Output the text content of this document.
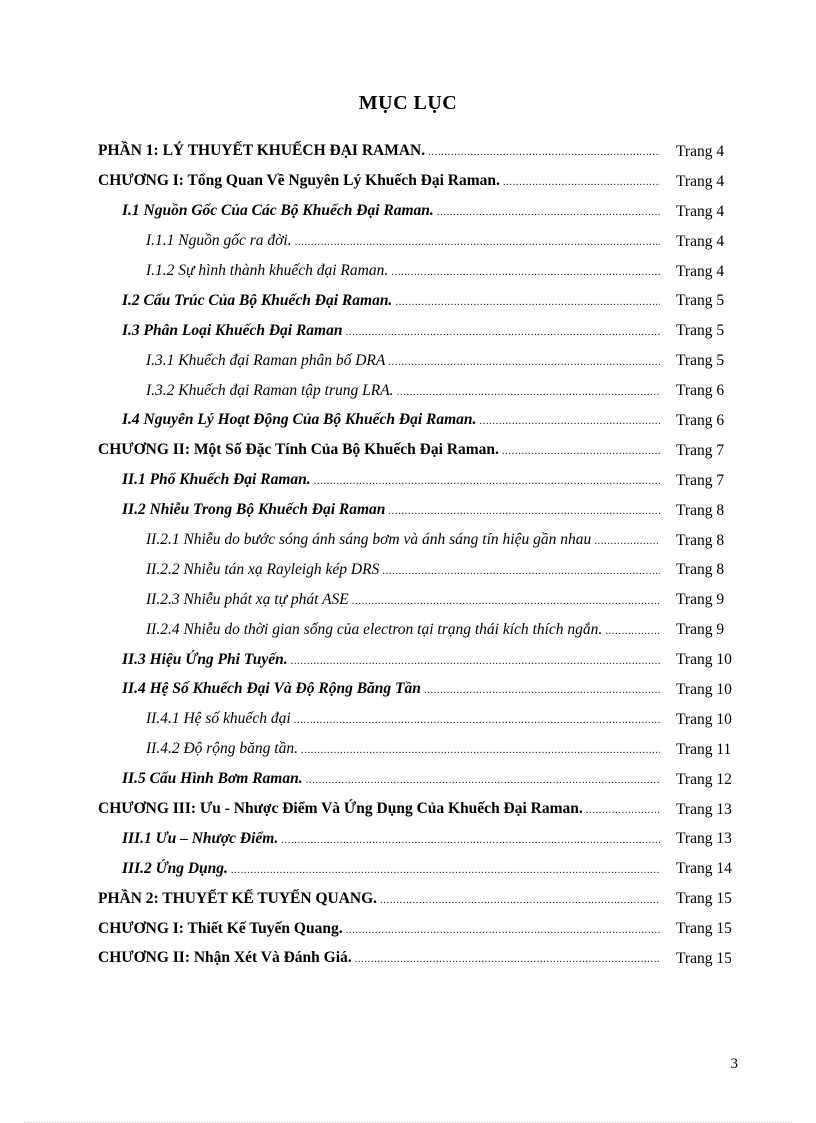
MỤC LỤC
PHẦN 1: LÝ THUYẾT KHUẾCH ĐẠI RAMAN. .....	Trang 4
CHƯƠNG I: Tổng Quan Về Nguyên Lý Khuếch Đại Raman. .....	Trang 4
I.1 Nguồn Gốc Của Các Bộ Khuếch Đại Raman. .....	Trang 4
I.1.1 Nguồn gốc ra đời. .....	Trang 4
I.1.2 Sự hình thành khuếch đại Raman. .....	Trang 4
I.2 Cấu Trúc Của Bộ Khuếch Đại Raman. .....	Trang 5
I.3 Phân Loại Khuếch Đại Raman .....	Trang 5
I.3.1 Khuếch đại Raman phân bố DRA .....	Trang 5
I.3.2 Khuếch đại Raman tập trung LRA. .....	Trang 6
I.4 Nguyên Lý Hoạt Động Của Bộ Khuếch Đại Raman. .....	Trang 6
CHƯƠNG II: Một Số Đặc Tính Của Bộ Khuếch Đại Raman. .....	Trang 7
II.1 Phổ Khuếch Đại Raman. .....	Trang 7
II.2 Nhiễu Trong Bộ Khuếch Đại Raman .....	Trang 8
II.2.1 Nhiễu do bước sóng ánh sáng bơm và ánh sáng tín hiệu gần nhau .....	Trang 8
II.2.2 Nhiễu tán xạ Rayleigh kép DRS .....	Trang 8
II.2.3 Nhiễu phát xạ tự phát ASE .....	Trang 9
II.2.4 Nhiễu do thời gian sống của electron tại trạng thái kích thích ngắn. .....	Trang 9
II.3 Hiệu Ứng Phi Tuyến. .....	Trang 10
II.4 Hệ Số Khuếch Đại Và Độ Rộng Băng Tần .....	Trang 10
II.4.1 Hệ số khuếch đại .....	Trang 10
II.4.2 Độ rộng băng tần. .....	Trang 11
II.5 Cấu Hình Bơm Raman. .....	Trang 12
CHƯƠNG III: Ưu - Nhược Điểm Và Ứng Dụng Của Khuếch Đại Raman. .....	Trang 13
III.1 Ưu – Nhược Điểm. .....	Trang 13
III.2 Ứng Dụng. .....	Trang 14
PHẦN 2: THUYẾT KẾ TUYẾN QUANG. .....	Trang 15
CHƯƠNG I: Thiết Kế Tuyến Quang. .....	Trang 15
CHƯƠNG II: Nhận Xét Và Đánh Giá. .....	Trang 15
3
